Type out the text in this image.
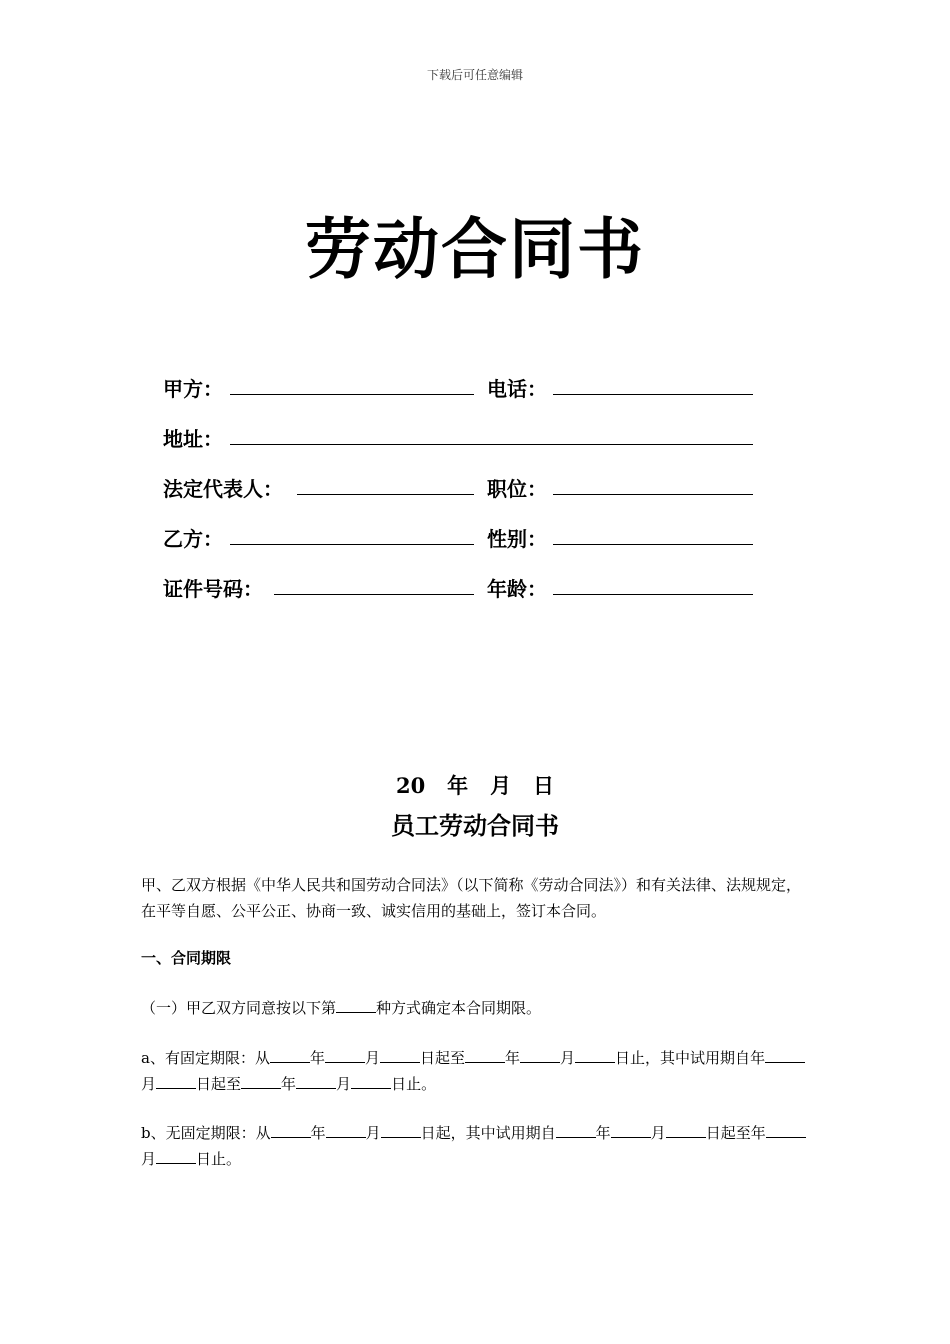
下载后可任意编辑
劳动合同书
甲方：	电话：
地址：
法定代表人：	职位：
乙方：	性别：
证件号码：	年龄：
20   年   月   日
员工劳动合同书
甲、乙双方根据《中华人民共和国劳动合同法》（以下简称《劳动合同法》）和有关法律、法规规定，在平等自愿、公平公正、协商一致、诚实信用的基础上，签订本合同。
一、合同期限
（一）甲乙双方同意按以下第	种方式确定本合同期限。
a、有固定期限：从	年	月	日起至	年	月	日止，其中试用期自年月	日起至	年	月	日止。
b、无固定期限：从	年	月	日起，其中试用期自	年	月	日起至年月	日止。
